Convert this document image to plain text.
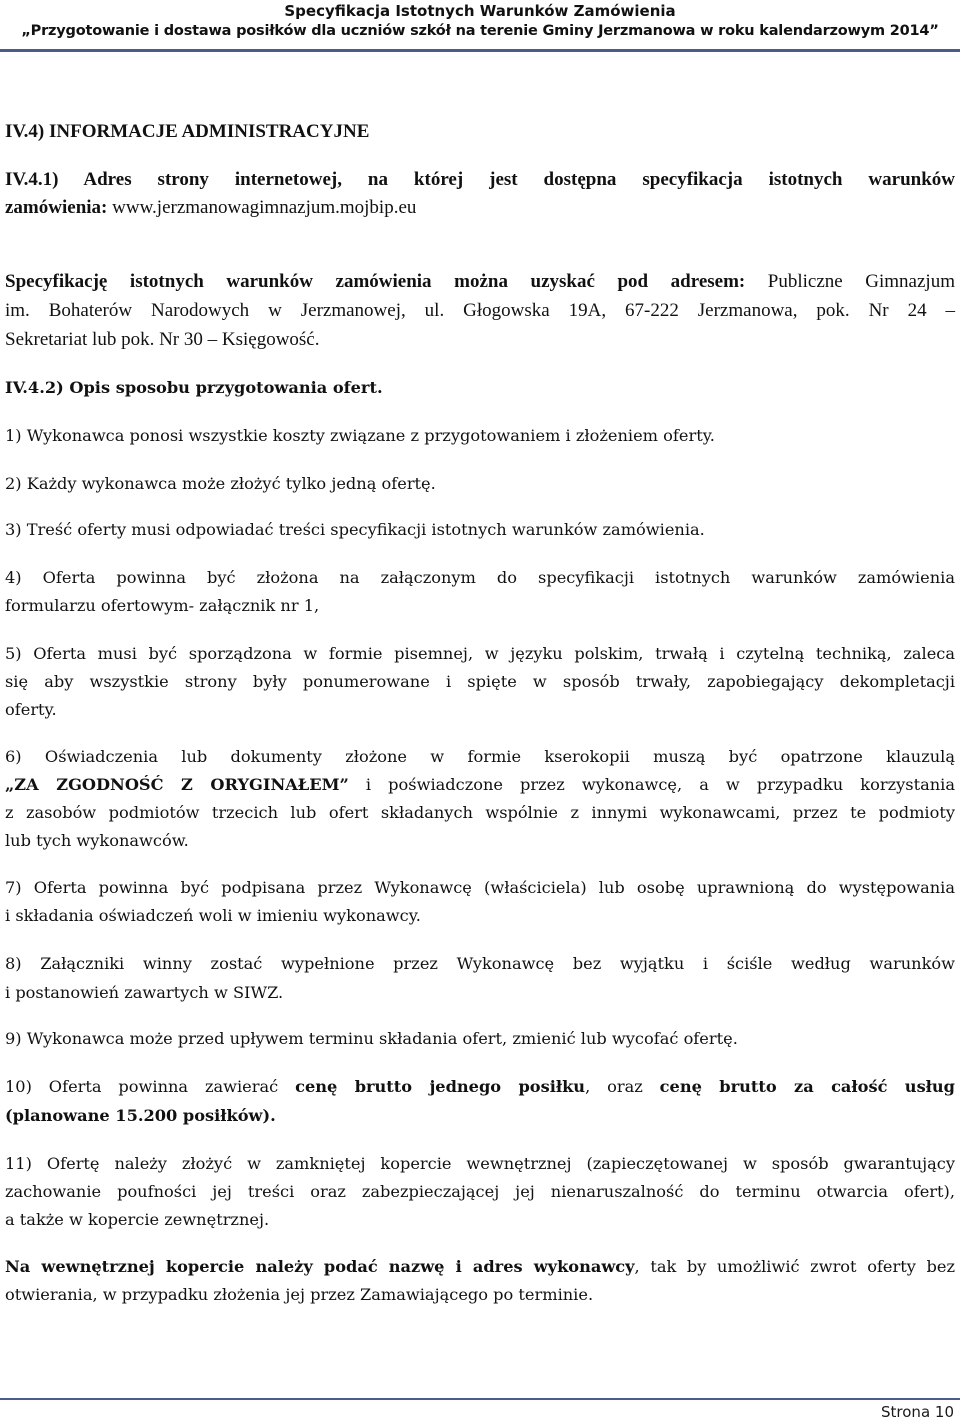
Specyfikacja Istotnych Warunków Zamówienia
„Przygotowanie i dostawa posiłków dla uczniów szkół na terenie Gminy Jerzmanowa w roku kalendarzowym 2014”

IV.4) INFORMACJE ADMINISTRACYJNE

IV.4.1) Adres strony internetowej, na której jest dostępna specyfikacja istotnych warunków

zamówienia: www.jerzmanowagimnazjum.mojbip.eu

Specyfikację istotnych warunków zamówienia można uzyskać pod adresem: Publiczne Gimnazjum

im. Bohaterów Narodowych w Jerzmanowej, ul. Głogowska 19A, 67-222 Jerzmanowa, pok. Nr 24 –

Sekretariat lub pok. Nr 30 – Księgowość.

IV.4.2) Opis sposobu przygotowania ofert.

1) Wykonawca ponosi wszystkie koszty związane z przygotowaniem i złożeniem oferty.

2) Każdy wykonawca może złożyć tylko jedną ofertę.

3) Treść oferty musi odpowiadać treści specyfikacji istotnych warunków zamówienia.

4) Oferta powinna być złożona na załączonym do specyfikacji istotnych warunków zamówienia

formularzu ofertowym- załącznik nr 1,

5) Oferta musi być sporządzona w formie pisemnej, w języku polskim, trwałą i czytelną techniką, zaleca

się aby wszystkie strony były ponumerowane i spięte w sposób trwały, zapobiegający dekompletacji

oferty.

6) Oświadczenia lub dokumenty złożone w formie kserokopii muszą być opatrzone klauzulą

„ZA ZGODNOŚĆ Z ORYGINAŁEM” i poświadczone przez wykonawcę, a w przypadku korzystania

z zasobów podmiotów trzecich lub ofert składanych wspólnie z innymi wykonawcami, przez te podmioty

lub tych wykonawców.

7) Oferta powinna być podpisana przez Wykonawcę (właściciela) lub osobę uprawnioną do występowania

i składania oświadczeń woli w imieniu wykonawcy.

8) Załączniki winny zostać wypełnione przez Wykonawcę bez wyjątku i ściśle według warunków

i postanowień zawartych w SIWZ.

9) Wykonawca może przed upływem terminu składania ofert, zmienić lub wycofać ofertę.

10) Oferta powinna zawierać cenę brutto jednego posiłku, oraz cenę brutto za całość usług

(planowane 15.200 posiłków).

11) Ofertę należy złożyć w zamkniętej kopercie wewnętrznej (zapieczętowanej w sposób gwarantujący

zachowanie poufności jej treści oraz zabezpieczającej jej nienaruszalność do terminu otwarcia ofert),

a także w kopercie zewnętrznej.

Na wewnętrznej kopercie należy podać nazwę i adres wykonawcy, tak by umożliwić zwrot oferty bez

otwierania, w przypadku złożenia jej przez Zamawiającego po terminie.

Strona 10
